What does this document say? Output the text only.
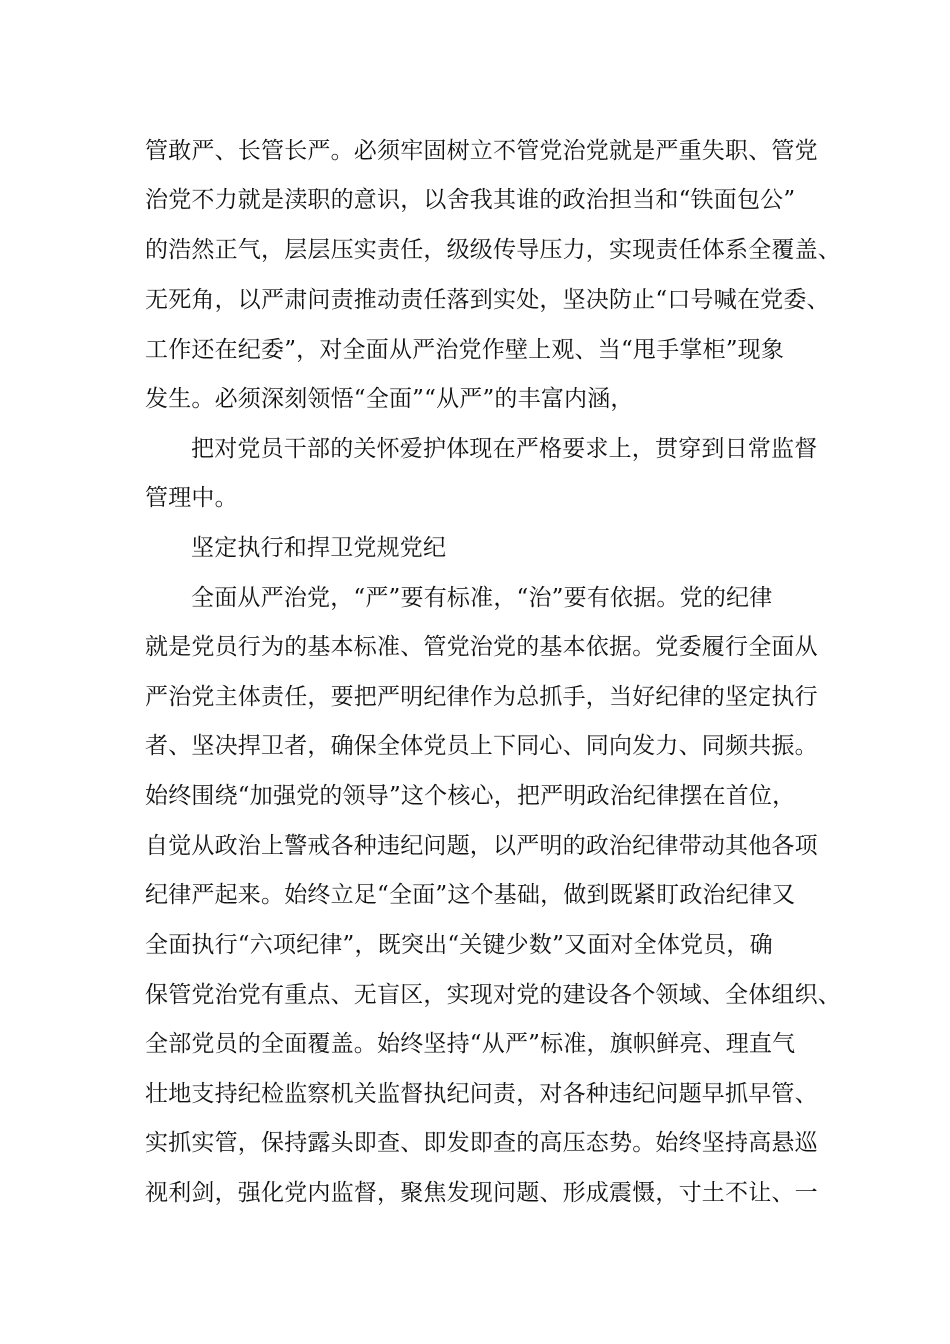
管敢严、长管长严。必须牢固树立不管党治党就是严重失职、管党
治党不力就是渎职的意识，以舍我其谁的政治担当和“铁面包公”
的浩然正气，层层压实责任，级级传导压力，实现责任体系全覆盖、
无死角，以严肃问责推动责任落到实处，坚决防止“口号喊在党委、
工作还在纪委”，对全面从严治党作壁上观、当“甩手掌柜”现象
发生。必须深刻领悟“全面”“从严”的丰富内涵，
把对党员干部的关怀爱护体现在严格要求上，贯穿到日常监督
管理中。
坚定执行和捍卫党规党纪
全面从严治党，“严”要有标准，“治”要有依据。党的纪律
就是党员行为的基本标准、管党治党的基本依据。党委履行全面从
严治党主体责任，要把严明纪律作为总抓手，当好纪律的坚定执行
者、坚决捍卫者，确保全体党员上下同心、同向发力、同频共振。
始终围绕“加强党的领导”这个核心，把严明政治纪律摆在首位，
自觉从政治上警戒各种违纪问题，以严明的政治纪律带动其他各项
纪律严起来。始终立足“全面”这个基础，做到既紧盯政治纪律又
全面执行“六项纪律”，既突出“关键少数”又面对全体党员，确
保管党治党有重点、无盲区，实现对党的建设各个领域、全体组织、
全部党员的全面覆盖。始终坚持“从严”标准，旗帜鲜亮、理直气
壮地支持纪检监察机关监督执纪问责，对各种违纪问题早抓早管、
实抓实管，保持露头即查、即发即查的高压态势。始终坚持高悬巡
视利剑，强化党内监督，聚焦发现问题、形成震慑，寸土不让、一
